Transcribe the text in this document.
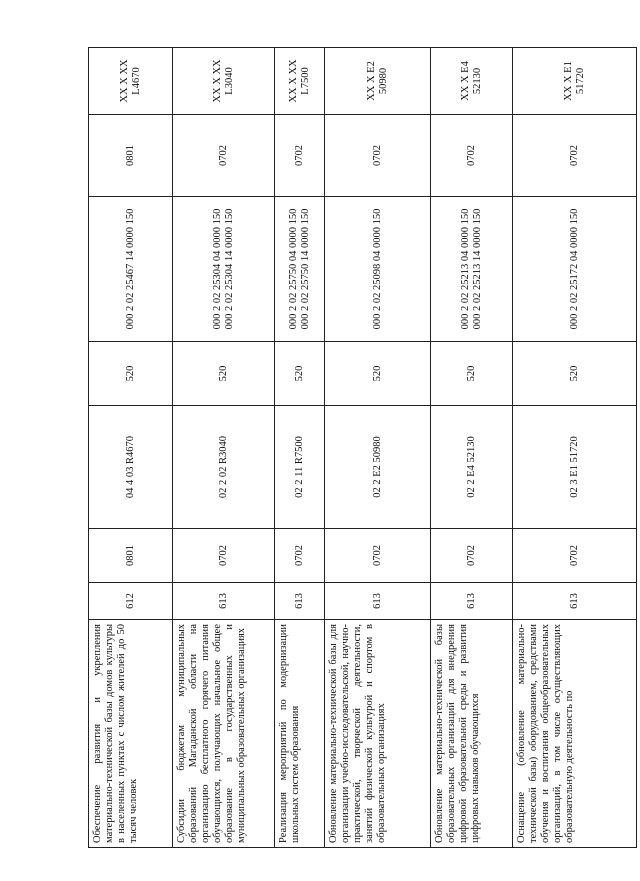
Обеспечение развития и укрепления материально-технической базы домов культуры в населенных пунктах с числом жителей до 50 тысяч человек	612	0801	04 4 03 R4670	520	000 2 02 25467 14 0000 150	0801	XX X XX L4670
Субсидии бюджетам муниципальных образований Магаданской области на организацию бесплатного горячего питания обучающихся, получающих начальное общее образование в государственных и муниципальных образовательных организациях	613	0702	02 2 02 R3040	520	000 2 02 25304 04 0000 150 000 2 02 25304 14 0000 150	0702	XX X XX L3040
Реализация мероприятий по модернизации школьных систем образования	613	0702	02 2 11 R7500	520	000 2 02 25750 04 0000 150 000 2 02 25750 14 0000 150	0702	XX X XX L7500
Обновление материально-технической базы для организации учебно-исследовательской, научно-практической, творческой деятельности, занятий физической культурой и спортом в образовательных организациях	613	0702	02 2 E2 50980	520	000 2 02 25098 04 0000 150	0702	XX X E2 50980
Обновление материально-технической базы образовательных организаций для внедрения цифровой образовательной среды и развития цифровых навыков обучающихся	613	0702	02 2 E4 52130	520	000 2 02 25213 04 0000 150 000 2 02 25213 14 0000 150	0702	XX X E4 52130
Оснащение (обновление материально-технической базы) оборудованием, средствами обучения и воспитания общеобразовательных организаций, в том числе осуществляющих образовательную деятельность по	613	0702	02 3 E1 51720	520	000 2 02 25172 04 0000 150	0702	XX X E1 51720
